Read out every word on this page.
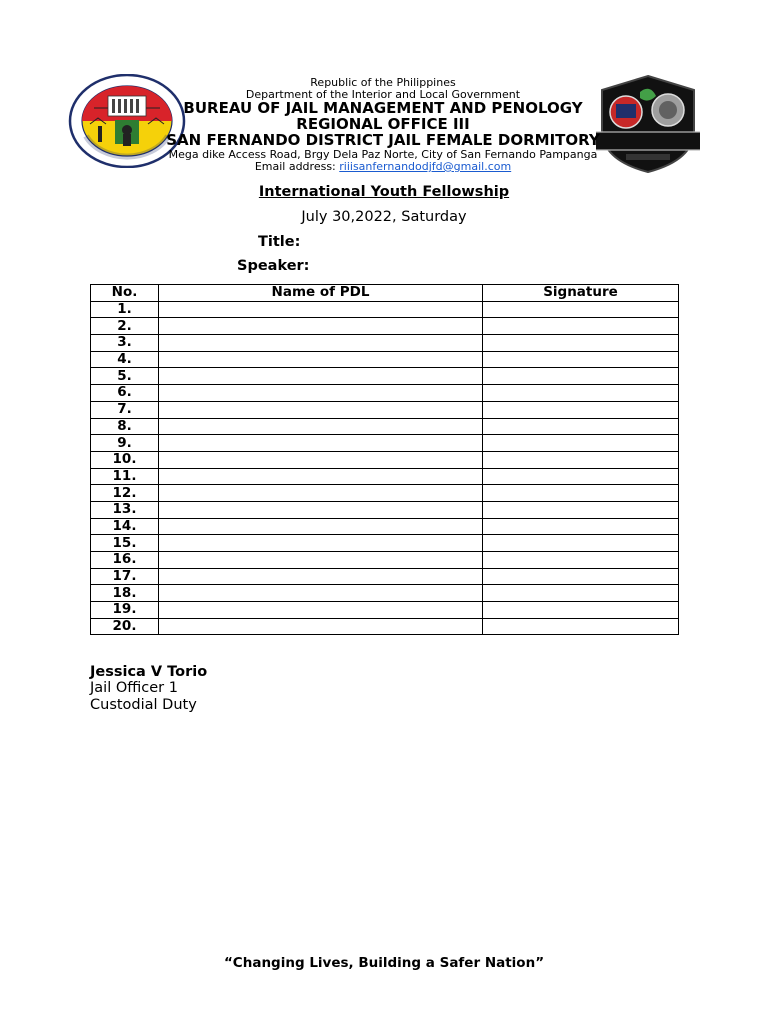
Republic of the Philippines
Department of the Interior and Local Government
BUREAU OF JAIL MANAGEMENT AND PENOLOGY
REGIONAL OFFICE III
SAN FERNANDO DISTRICT JAIL FEMALE DORMITORY
Mega dike Access Road, Brgy Dela Paz Norte, City of San Fernando Pampanga
Email address: riiisanfernandodjfd@gmail.com
International Youth Fellowship
July 30,2022, Saturday
Title:
Speaker:
No.	Name of PDL	Signature
1.		
2.		
3.		
4.		
5.		
6.		
7.		
8.		
9.		
10.		
11.		
12.		
13.		
14.		
15.		
16.		
17.		
18.		
19.		
20.		
Jessica V Torio
Jail Officer 1
Custodial Duty
“Changing Lives, Building a Safer Nation”
